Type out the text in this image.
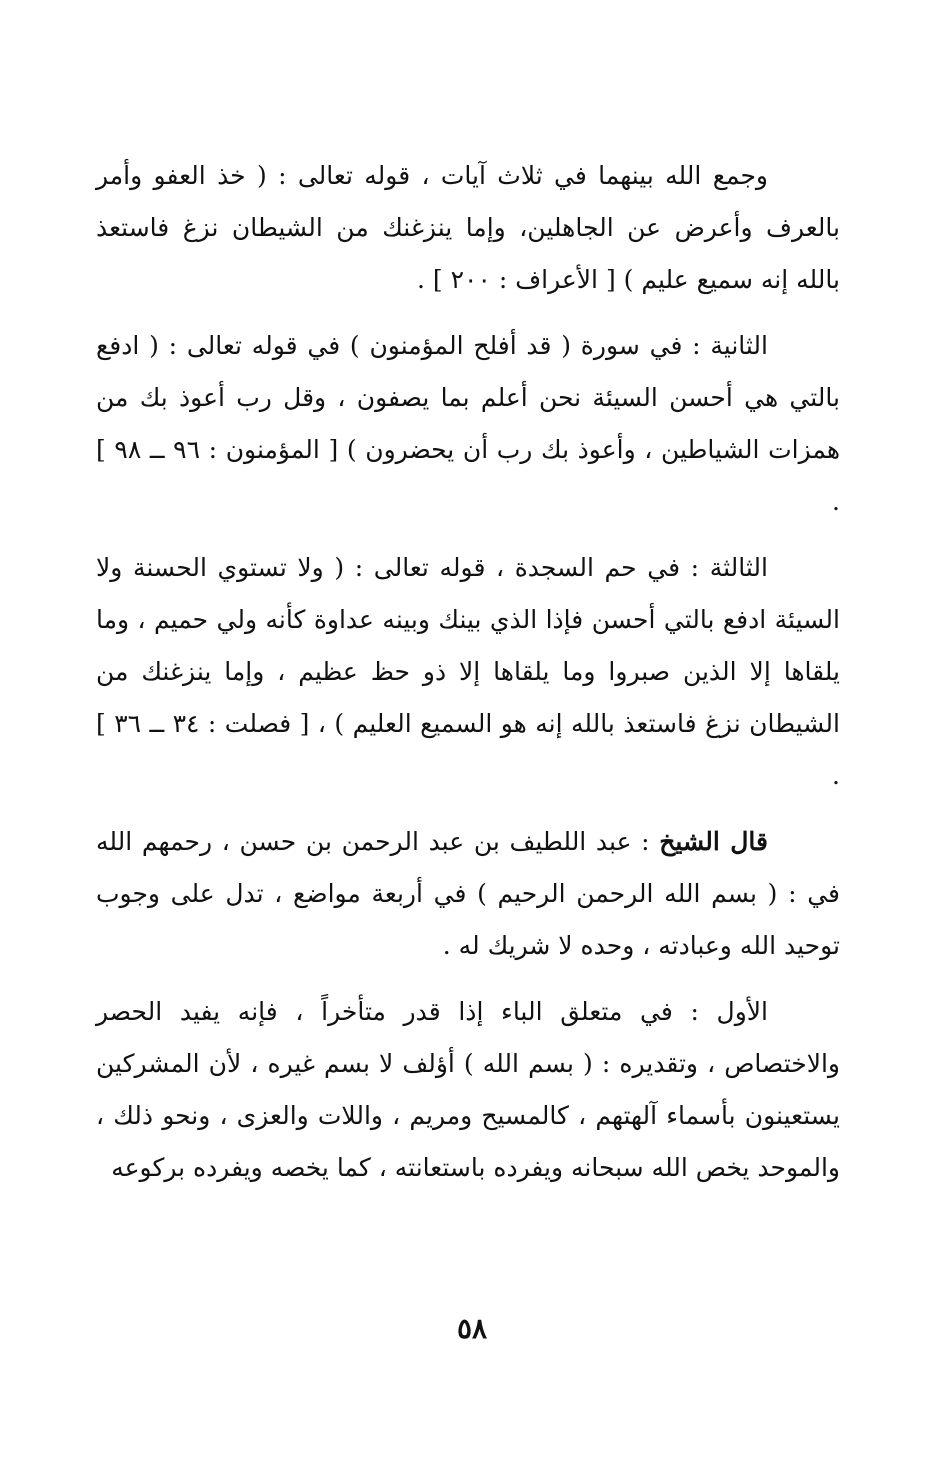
وجمع الله بينهما في ثلاث آيات ، قوله تعالى : ( خذ العفو وأمر بالعرف وأعرض عن الجاهلين، وإما ينزغنك من الشيطان نزغ فاستعذ بالله إنه سميع عليم ) [ الأعراف : ٢٠٠ ] .

الثانية : في سورة ( قد أفلح المؤمنون ) في قوله تعالى : ( ادفع بالتي هي أحسن السيئة نحن أعلم بما يصفون ، وقل رب أعوذ بك من همزات الشياطين ، وأعوذ بك رب أن يحضرون ) [ المؤمنون : ٩٦ ــ ٩٨ ] .

الثالثة : في حم السجدة ، قوله تعالى : ( ولا تستوي الحسنة ولا السيئة ادفع بالتي أحسن فإذا الذي بينك وبينه عداوة كأنه ولي حميم ، وما يلقاها إلا الذين صبروا وما يلقاها إلا ذو حظ عظيم ، وإما ينزغنك من الشيطان نزغ فاستعذ بالله إنه هو السميع العليم ) ، [ فصلت : ٣٤ ــ ٣٦ ] .

قال الشيخ : عبد اللطيف بن عبد الرحمن بن حسن ، رحمهم الله في : ( بسم الله الرحمن الرحيم ) في أربعة مواضع ، تدل على وجوب توحيد الله وعبادته ، وحده لا شريك له .

الأول : في متعلق الباء إذا قدر متأخراً ، فإنه يفيد الحصر والاختصاص ، وتقديره : ( بسم الله ) أؤلف لا بسم غيره ، لأن المشركين يستعينون بأسماء آلهتهم ، كالمسيح ومريم ، واللات والعزى ، ونحو ذلك ، والموحد يخص الله سبحانه ويفرده باستعانته ، كما يخصه ويفرده بركوعه

٥٨
